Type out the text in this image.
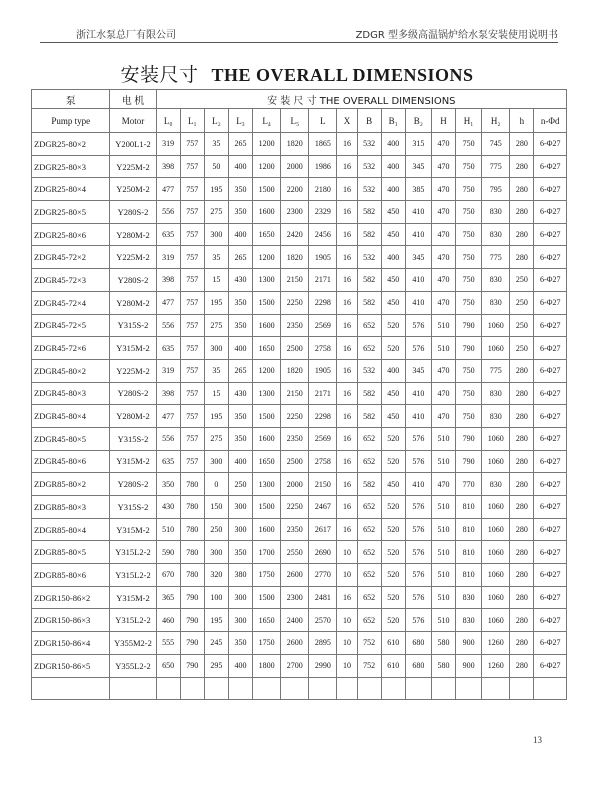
浙江水泵总厂有限公司	ZDGR 型多级高温锅炉给水泵安装使用说明书
安装尺寸 THE OVERALL DIMENSIONS
泵	电 机	安 装 尺 寸 THE OVERALL DIMENSIONS															
Pump type	Motor	L₀	L₁	L₂	L₃	L₄	L₅	L	X	B	B₁	B₂	H	H₁	H₂	h	n-Φd
ZDGR25-80×2	Y200L1-2	319	757	35	265	1200	1820	1865	16	532	400	315	470	750	745	280	6-Φ27
ZDGR25-80×3	Y225M-2	398	757	50	400	1200	2000	1986	16	532	400	345	470	750	775	280	6-Φ27
ZDGR25-80×4	Y250M-2	477	757	195	350	1500	2200	2180	16	532	400	385	470	750	795	280	6-Φ27
ZDGR25-80×5	Y280S-2	556	757	275	350	1600	2300	2329	16	582	450	410	470	750	830	280	6-Φ27
ZDGR25-80×6	Y280M-2	635	757	300	400	1650	2420	2456	16	582	450	410	470	750	830	280	6-Φ27
ZDGR45-72×2	Y225M-2	319	757	35	265	1200	1820	1905	16	532	400	345	470	750	775	280	6-Φ27
ZDGR45-72×3	Y280S-2	398	757	15	430	1300	2150	2171	16	582	450	410	470	750	830	250	6-Φ27
ZDGR45-72×4	Y280M-2	477	757	195	350	1500	2250	2298	16	582	450	410	470	750	830	250	6-Φ27
ZDGR45-72×5	Y315S-2	556	757	275	350	1600	2350	2569	16	652	520	576	510	790	1060	250	6-Φ27
ZDGR45-72×6	Y315M-2	635	757	300	400	1650	2500	2758	16	652	520	576	510	790	1060	250	6-Φ27
ZDGR45-80×2	Y225M-2	319	757	35	265	1200	1820	1905	16	532	400	345	470	750	775	280	6-Φ27
ZDGR45-80×3	Y280S-2	398	757	15	430	1300	2150	2171	16	582	450	410	470	750	830	280	6-Φ27
ZDGR45-80×4	Y280M-2	477	757	195	350	1500	2250	2298	16	582	450	410	470	750	830	280	6-Φ27
ZDGR45-80×5	Y315S-2	556	757	275	350	1600	2350	2569	16	652	520	576	510	790	1060	280	6-Φ27
ZDGR45-80×6	Y315M-2	635	757	300	400	1650	2500	2758	16	652	520	576	510	790	1060	280	6-Φ27
ZDGR85-80×2	Y280S-2	350	780	0	250	1300	2000	2150	16	582	450	410	470	770	830	280	6-Φ27
ZDGR85-80×3	Y315S-2	430	780	150	300	1500	2250	2467	16	652	520	576	510	810	1060	280	6-Φ27
ZDGR85-80×4	Y315M-2	510	780	250	300	1600	2350	2617	16	652	520	576	510	810	1060	280	6-Φ27
ZDGR85-80×5	Y315L2-2	590	780	300	350	1700	2550	2690	10	652	520	576	510	810	1060	280	6-Φ27
ZDGR85-80×6	Y315L2-2	670	780	320	380	1750	2600	2770	10	652	520	576	510	810	1060	280	6-Φ27
ZDGR150-86×2	Y315M-2	365	790	100	300	1500	2300	2481	16	652	520	576	510	830	1060	280	6-Φ27
ZDGR150-86×3	Y315L2-2	460	790	195	300	1650	2400	2570	10	652	520	576	510	830	1060	280	6-Φ27
ZDGR150-86×4	Y355M2-2	555	790	245	350	1750	2600	2895	10	752	610	680	580	900	1260	280	6-Φ27
ZDGR150-86×5	Y355L2-2	650	790	295	400	1800	2700	2990	10	752	610	680	580	900	1260	280	6-Φ27

13
